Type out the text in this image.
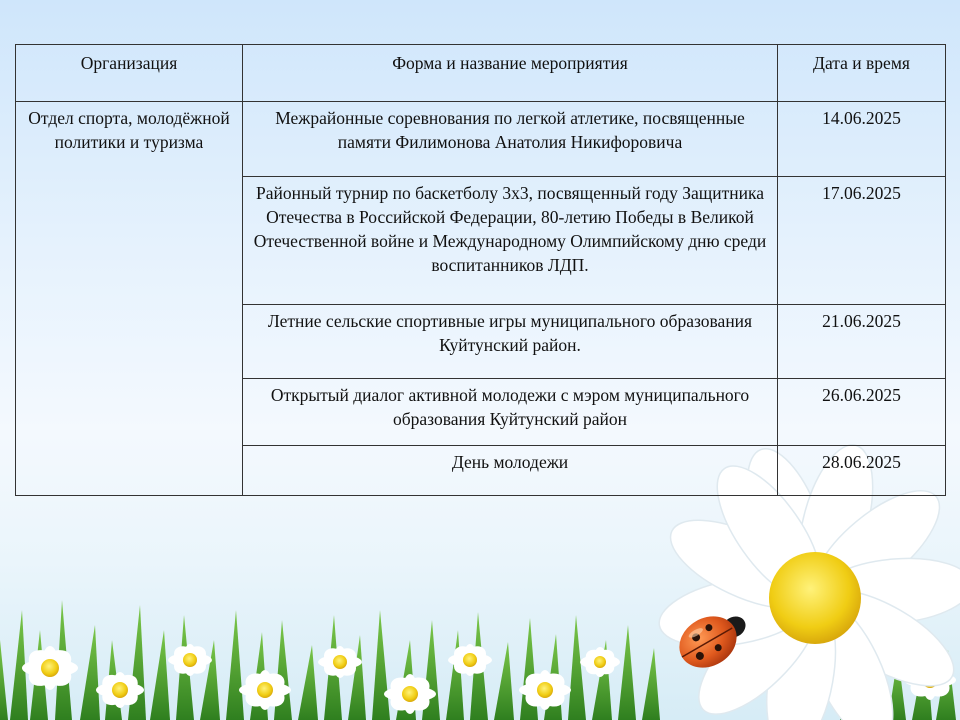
Организация	Форма и название мероприятия	Дата и время
Отдел спорта, молодёжной политики и туризма	Межрайонные соревнования по легкой атлетике, посвященные памяти Филимонова Анатолия Никифоровича	14.06.2025
	Районный турнир по баскетболу 3х3, посвященный году Защитника Отечества в Российской Федерации, 80-летию Победы в Великой Отечественной войне и Международному Олимпийскому дню среди воспитанников ЛДП.	17.06.2025
	Летние сельские спортивные игры муниципального образования Куйтунский район.	21.06.2025
	Открытый диалог активной молодежи с мэром муниципального образования Куйтунский район	26.06.2025
	День молодежи	28.06.2025
